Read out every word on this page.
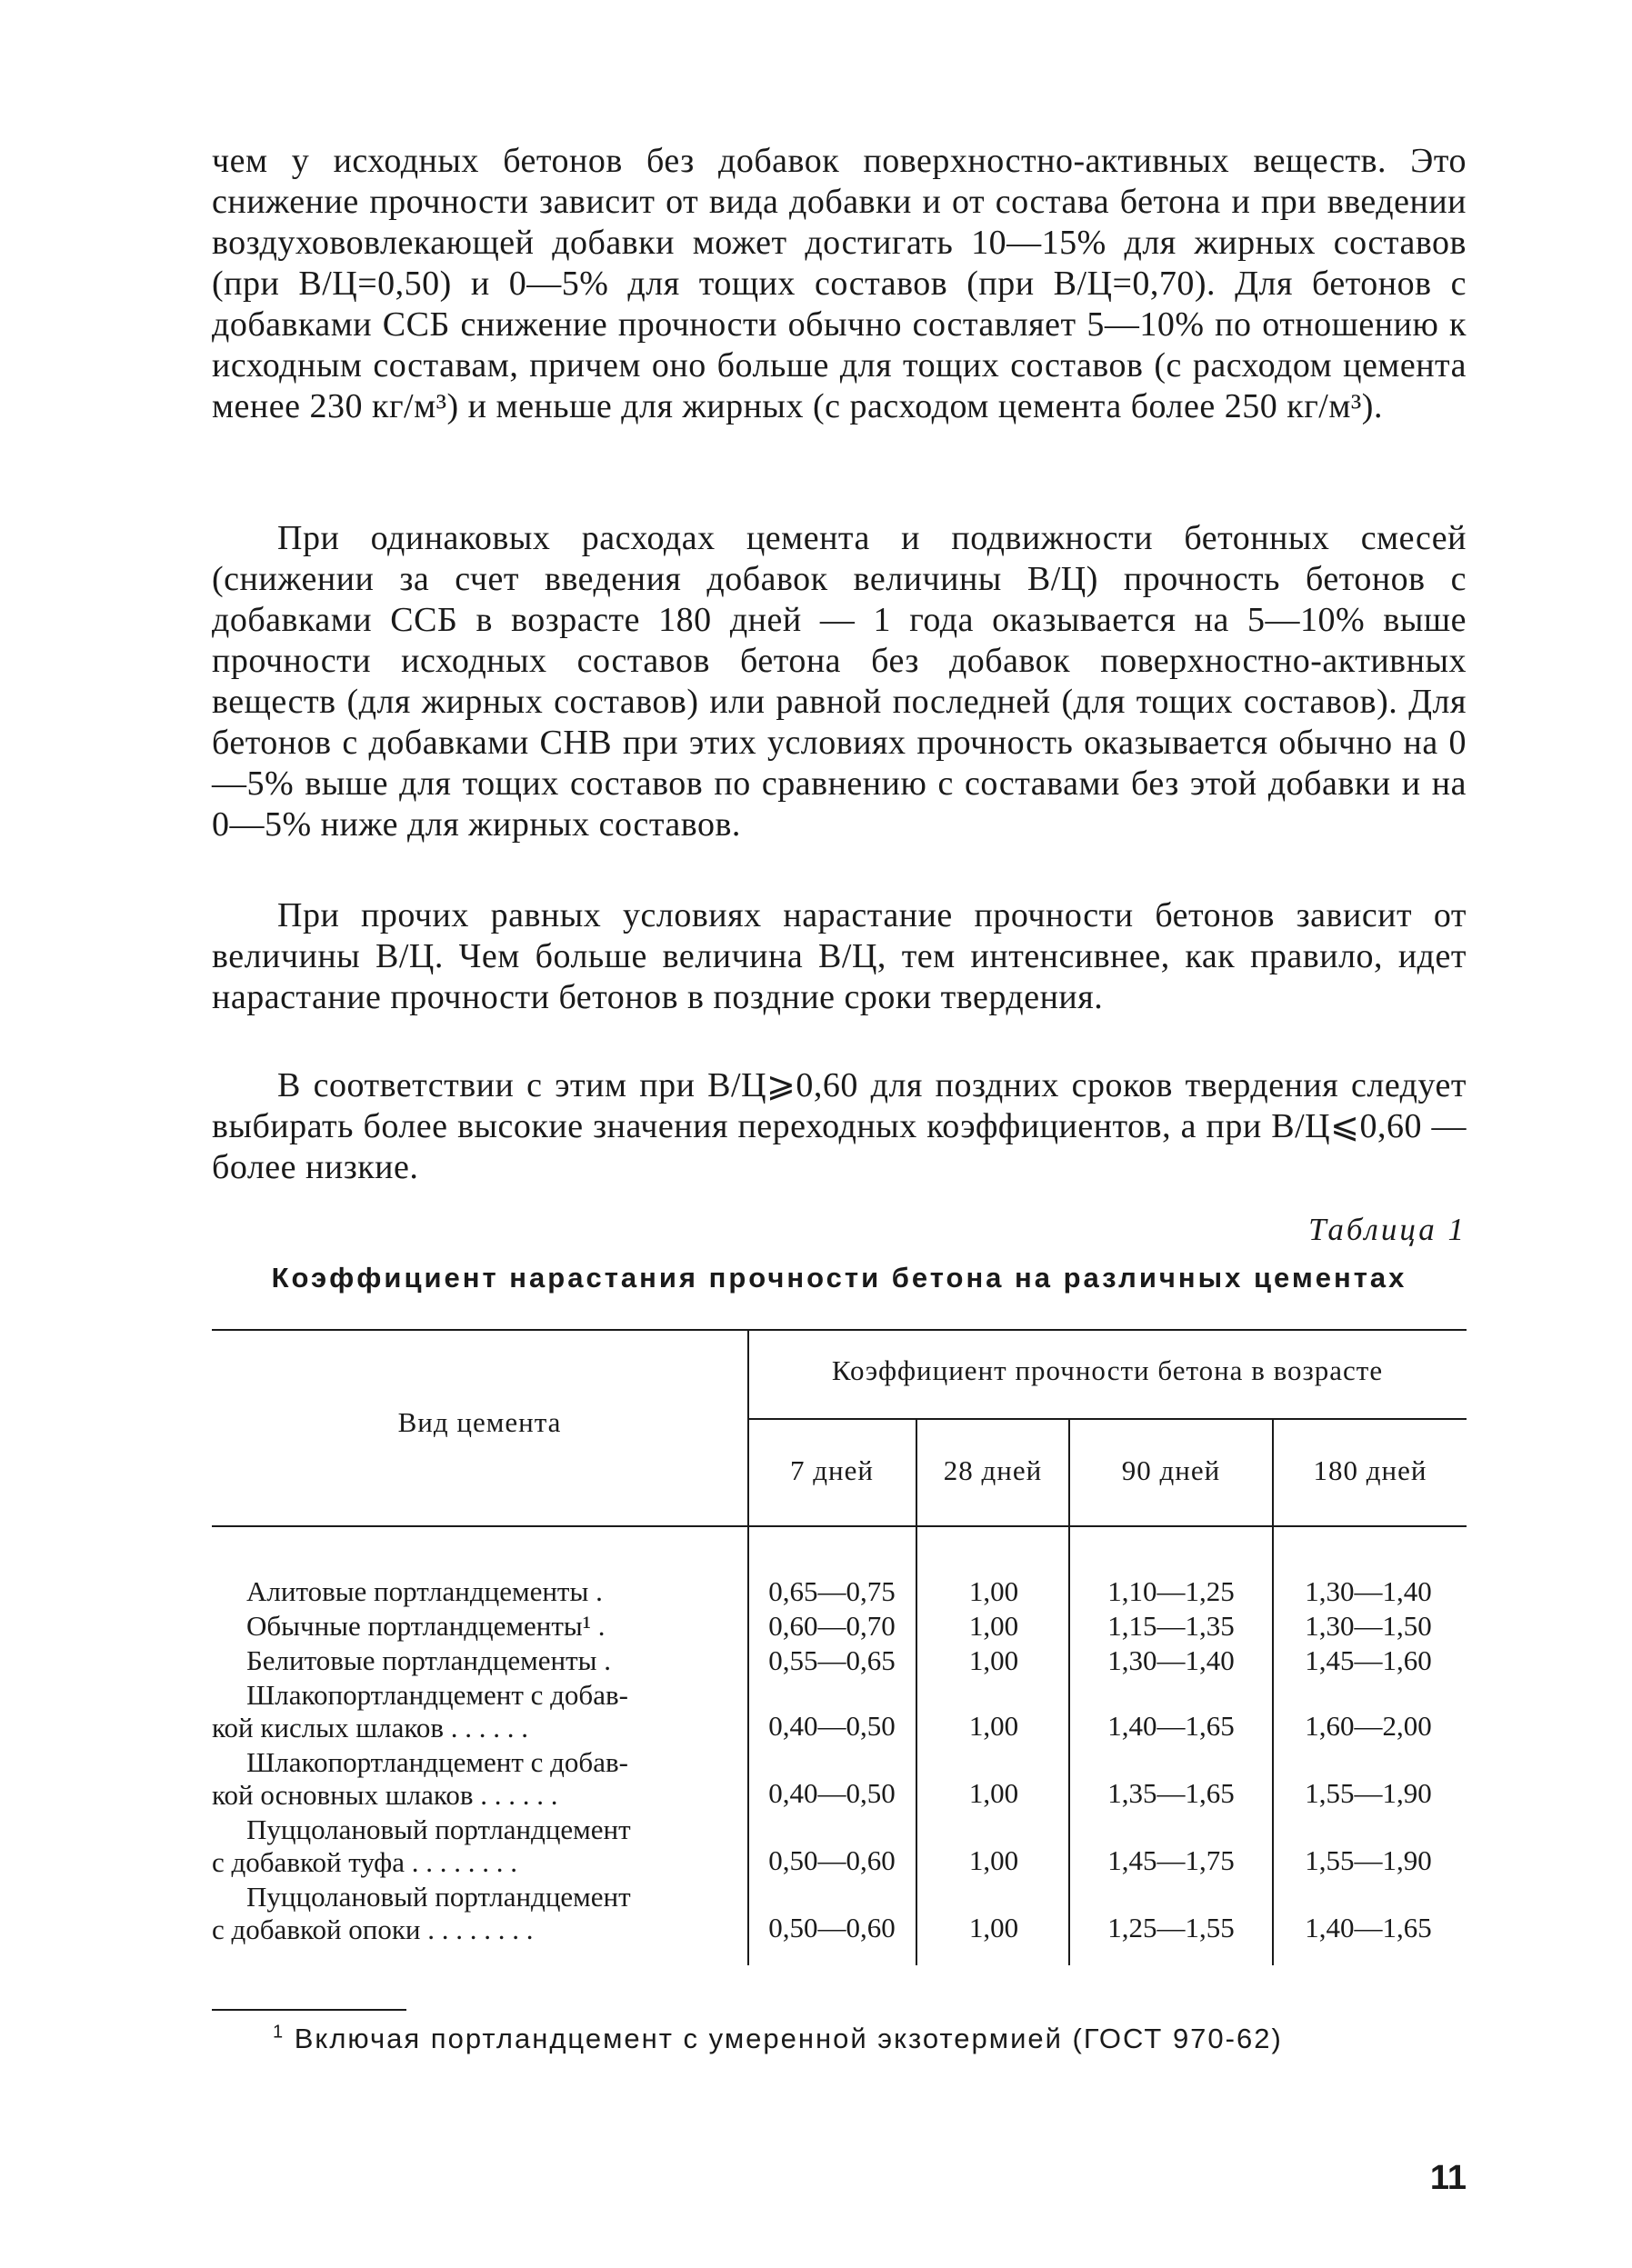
чем у исходных бетонов без добавок поверхностно-активных веществ. Это снижение прочности зависит от вида добавки и от состава бетона и при введении воздухововлекающей добавки может достигать 10—15% для жирных составов (при В/Ц=0,50) и 0—5% для тощих составов (при В/Ц=0,70). Для бетонов с добавками ССБ снижение прочности обычно составляет 5—10% по отношению к исходным составам, причем оно больше для тощих составов (с расходом цемента менее 230 кг/м³) и меньше для жирных (с расходом цемента более 250 кг/м³).

При одинаковых расходах цемента и подвижности бетонных смесей (снижении за счет введения добавок величины В/Ц) прочность бетонов с добавками ССБ в возрасте 180 дней — 1 года оказывается на 5—10% выше прочности исходных составов бетона без добавок поверхностно-активных веществ (для жирных составов) или равной последней (для тощих составов). Для бетонов с добавками СНВ при этих условиях прочность оказывается обычно на 0—5% выше для тощих составов по сравнению с составами без этой добавки и на 0—5% ниже для жирных составов.

При прочих равных условиях нарастание прочности бетонов зависит от величины В/Ц. Чем больше величина В/Ц, тем интенсивнее, как правило, идет нарастание прочности бетонов в поздние сроки твердения.

В соответствии с этим при В/Ц⩾0,60 для поздних сроков твердения следует выбирать более высокие значения переходных коэффициентов, а при В/Ц⩽0,60 — более низкие.

Таблица 1
Коэффициент нарастания прочности бетона на различных цементах
Вид цемента
Коэффициент прочности бетона в возрасте
7 дней	28 дней	90 дней	180 дней
Алитовые портландцементы .	0,65—0,75	1,00	1,10—1,25	1,30—1,40
Обычные портландцементы¹ .	0,60—0,70	1,00	1,15—1,35	1,30—1,50
Белитовые портландцементы .	0,55—0,65	1,00	1,30—1,40	1,45—1,60
Шлакопортландцемент с добав-
кой кислых шлаков . . . . . .	0,40—0,50	1,00	1,40—1,65	1,60—2,00
Шлакопортландцемент с добав-
кой основных шлаков . . . . . .	0,40—0,50	1,00	1,35—1,65	1,55—1,90
Пуццолановый портландцемент
с добавкой туфа . . . . . . . .	0,50—0,60	1,00	1,45—1,75	1,55—1,90
Пуццолановый портландцемент
с добавкой опоки . . . . . . . .	0,50—0,60	1,00	1,25—1,55	1,40—1,65
$^1$ Включая портландцемент с умеренной экзотермией (ГОСТ 970-62)
11
